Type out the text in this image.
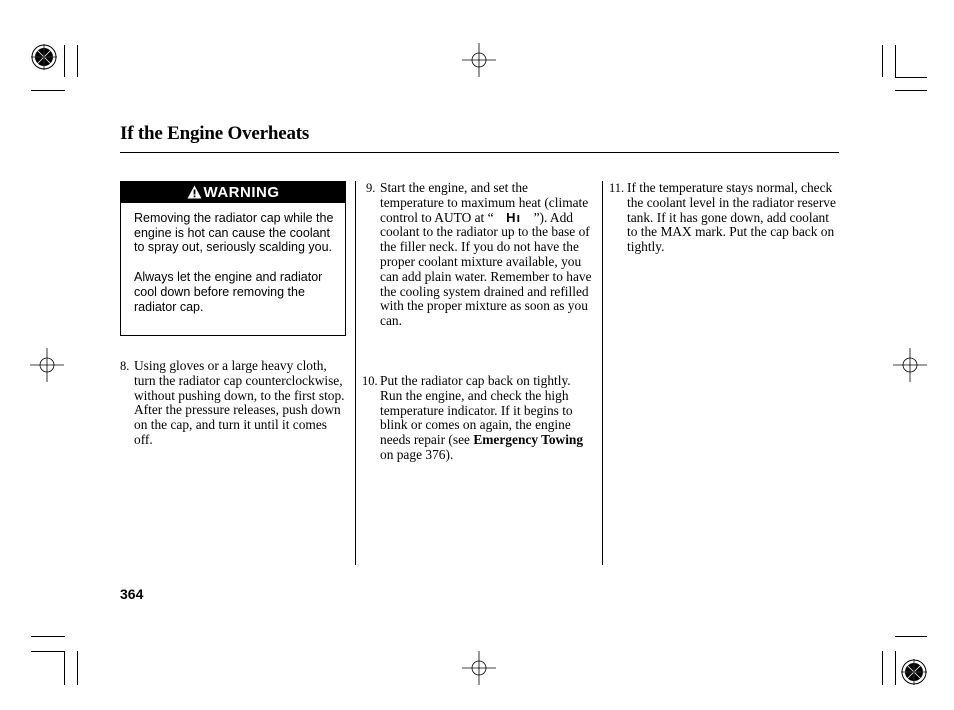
If the Engine Overheats
WARNING

Removing the radiator cap while the engine is hot can cause the coolant to spray out, seriously scalding you.

Always let the engine and radiator cool down before removing the radiator cap.

8. Using gloves or a large heavy cloth, turn the radiator cap counterclockwise, without pushing down, to the first stop. After the pressure releases, push down on the cap, and turn it until it comes off.
9. Start the engine, and set the temperature to maximum heat (climate control to AUTO at “ Hı ”). Add coolant to the radiator up to the base of the filler neck. If you do not have the proper coolant mixture available, you can add plain water. Remember to have the cooling system drained and refilled with the proper mixture as soon as you can.
10. Put the radiator cap back on tightly. Run the engine, and check the high temperature indicator. If it begins to blink or comes on again, the engine needs repair (see Emergency Towing on page 376).
11. If the temperature stays normal, check the coolant level in the radiator reserve tank. If it has gone down, add coolant to the MAX mark. Put the cap back on tightly.
364
